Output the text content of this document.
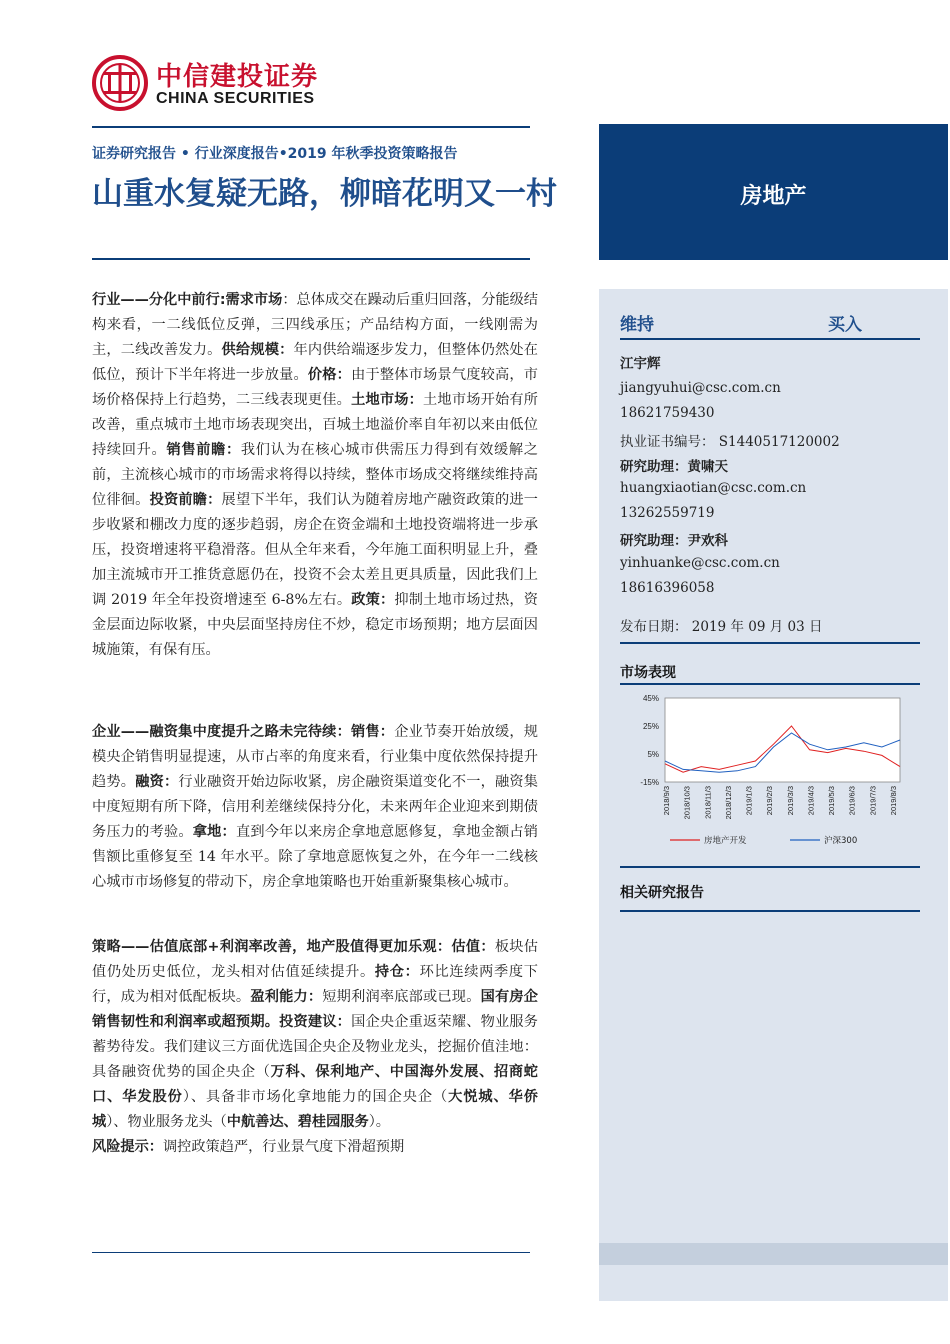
中信建投证券
CHINA SECURITIES
证券研究报告 • 行业深度报告•2019 年秋季投资策略报告
山重水复疑无路，柳暗花明又一村	房地产
行业——分化中前行:需求市场：总体成交在躁动后重归回落，分能级结构来看，一二线低位反弹，三四线承压；产品结构方面，一线刚需为主，二线改善发力。供给规模：年内供给端逐步发力，但整体仍然处在低位，预计下半年将进一步放量。价格：由于整体市场景气度较高，市场价格保持上行趋势，二三线表现更佳。土地市场：土地市场开始有所改善，重点城市土地市场表现突出，百城土地溢价率自年初以来由低位持续回升。销售前瞻：我们认为在核心城市供需压力得到有效缓解之前，主流核心城市的市场需求将得以持续，整体市场成交将继续维持高位徘徊。投资前瞻：展望下半年，我们认为随着房地产融资政策的进一步收紧和棚改力度的逐步趋弱，房企在资金端和土地投资端将进一步承压，投资增速将平稳滑落。但从全年来看，今年施工面积明显上升，叠加主流城市开工推货意愿仍在，投资不会太差且更具质量，因此我们上调 2019 年全年投资增速至 6-8%左右。政策：抑制土地市场过热，资金层面边际收紧，中央层面坚持房住不炒，稳定市场预期；地方层面因城施策，有保有压。
企业——融资集中度提升之路未完待续：销售：企业节奏开始放缓，规模央企销售明显提速，从市占率的角度来看，行业集中度依然保持提升趋势。融资：行业融资开始边际收紧，房企融资渠道变化不一，融资集中度短期有所下降，信用利差继续保持分化，未来两年企业迎来到期债务压力的考验。拿地：直到今年以来房企拿地意愿修复，拿地金额占销售额比重修复至 14 年水平。除了拿地意愿恢复之外，在今年一二线核心城市市场修复的带动下，房企拿地策略也开始重新聚集核心城市。
策略——估值底部+利润率改善，地产股值得更加乐观：估值：板块估值仍处历史低位，龙头相对估值延续提升。持仓：环比连续两季度下行，成为相对低配板块。盈利能力：短期利润率底部或已现。国有房企销售韧性和利润率或超预期。投资建议：国企央企重返荣耀、物业服务蓄势待发。我们建议三方面优选国企央企及物业龙头，挖掘价值洼地：具备融资优势的国企央企（万科、保利地产、中国海外发展、招商蛇口、华发股份）、具备非市场化拿地能力的国企央企（大悦城、华侨城）、物业服务龙头（中航善达、碧桂园服务）。
风险提示：调控政策趋严，行业景气度下滑超预期
维持	买入
江宇辉
jiangyuhui@csc.com.cn
18621759430
执业证书编号： S1440517120002
研究助理：黄啸天
huangxiaotian@csc.com.cn
13262559719
研究助理：尹欢科
yinhuanke@csc.com.cn
18616396058
发布日期： 2019 年 09 月 03 日
市场表现
45%
25%
5%
-15%
2018/9/3 2018/10/3 2018/11/3 2018/12/3 2019/1/3 2019/2/3 2019/3/3 2019/4/3 2019/5/3 2019/6/3 2019/7/3 2019/8/3
房地产开发	沪深300
相关研究报告
